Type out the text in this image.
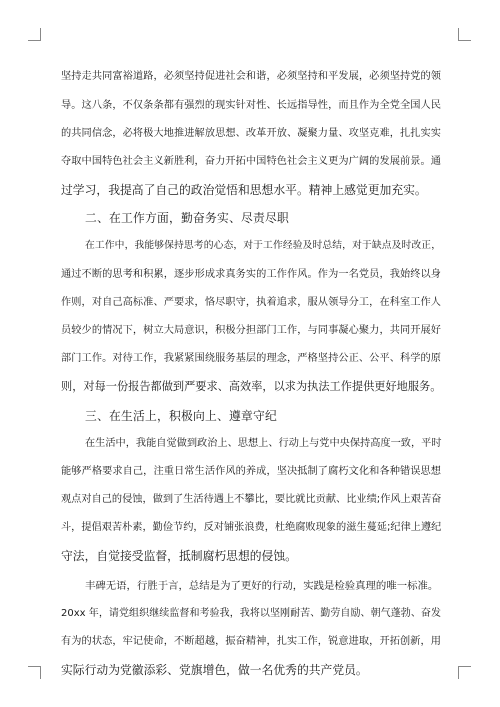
坚持走共同富裕道路，必须坚持促进社会和谐，必须坚持和平发展，必须坚持党的领
导。这八条，不仅条条都有强烈的现实针对性、长远指导性，而且作为全党全国人民
的共同信念，必将极大地推进解放思想、改革开放、凝聚力量、攻坚克难，扎扎实实
夺取中国特色社会主义新胜利，奋力开拓中国特色社会主义更为广阔的发展前景。通
过学习，我提高了自己的政治觉悟和思想水平。精神上感觉更加充实。
二、在工作方面，勤奋务实、尽责尽职
在工作中，我能够保持思考的心态，对于工作经验及时总结，对于缺点及时改正，
通过不断的思考和积累，逐步形成求真务实的工作作风。作为一名党员，我始终以身
作则，对自己高标准、严要求，恪尽职守，执着追求，服从领导分工，在科室工作人
员较少的情况下，树立大局意识，积极分担部门工作，与同事凝心聚力，共同开展好
部门工作。对待工作，我紧紧围绕服务基层的理念，严格坚持公正、公平、科学的原
则，对每一份报告都做到严要求、高效率，以求为执法工作提供更好地服务。
三、在生活上，积极向上、遵章守纪
在生活中，我能自觉做到政治上、思想上、行动上与党中央保持高度一致，平时
能够严格要求自己，注重日常生活作风的养成，坚决抵制了腐朽文化和各种错误思想
观点对自己的侵蚀，做到了生活待遇上不攀比，要比就比贡献、比业绩;作风上艰苦奋
斗，提倡艰苦朴素，勤俭节约，反对铺张浪费，杜绝腐败现象的滋生蔓延;纪律上遵纪
守法，自觉接受监督，抵制腐朽思想的侵蚀。
丰碑无语，行胜于言，总结是为了更好的行动，实践是检验真理的唯一标准。
20xx 年，请党组织继续监督和考验我，我将以坚刚耐苦、勤劳自励、朝气蓬勃、奋发
有为的状态，牢记使命，不断超越，振奋精神，扎实工作，锐意进取，开拓创新，用
实际行动为党徽添彩、党旗增色，做一名优秀的共产党员。
